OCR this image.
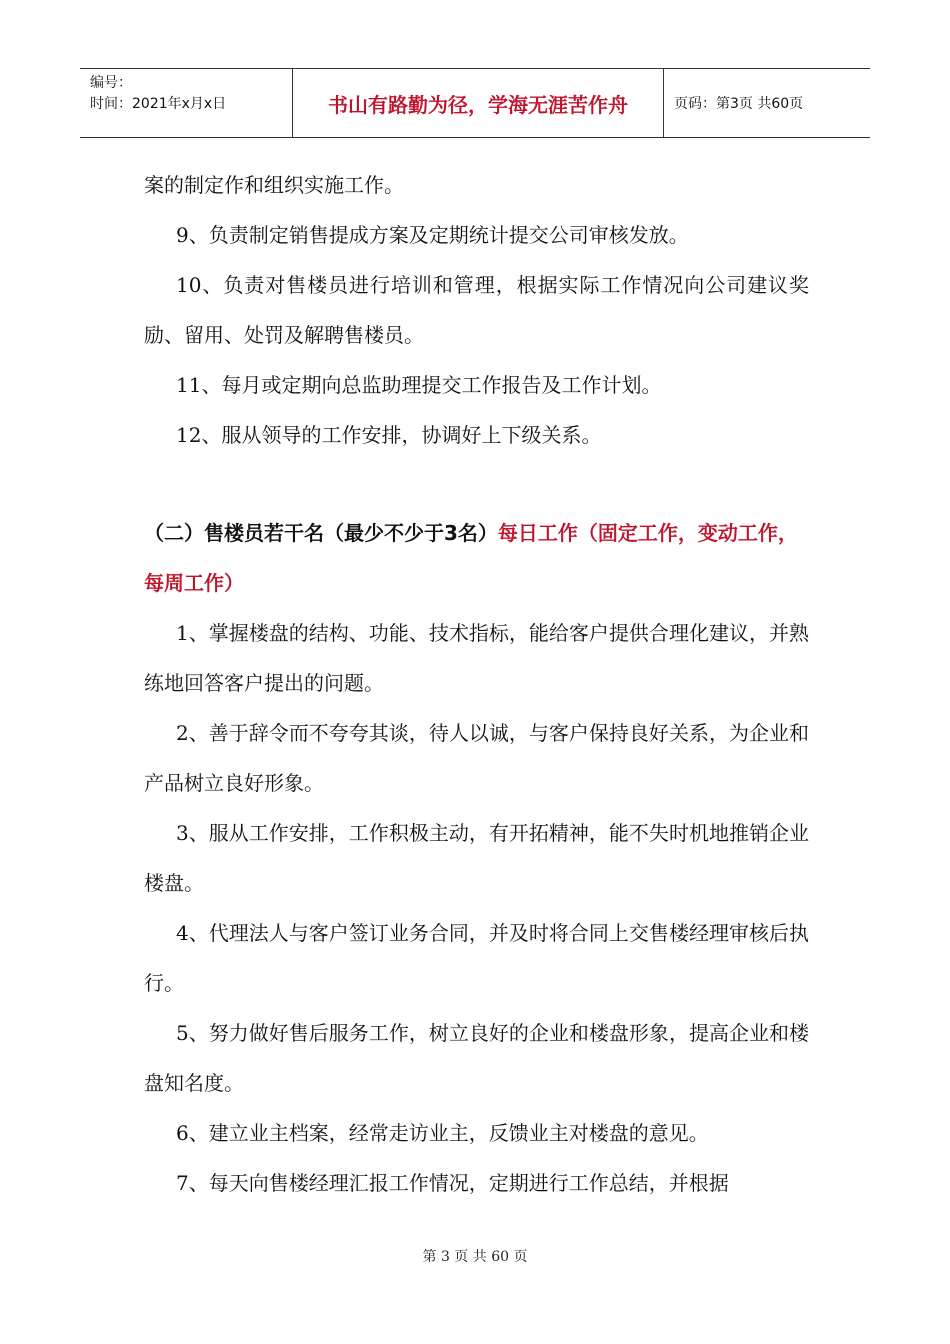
编号：
时间：2021年x月x日	书山有路勤为径，学海无涯苦作舟	页码：第3页 共60页

案的制定作和组织实施工作。

9、负责制定销售提成方案及定期统计提交公司审核发放。

10、负责对售楼员进行培训和管理，根据实际工作情况向公司建议奖励、留用、处罚及解聘售楼员。

11、每月或定期向总监助理提交工作报告及工作计划。

12、服从领导的工作安排，协调好上下级关系。

（二）售楼员若干名（最少不少于3名）每日工作（固定工作，变动工作，每周工作）

1、掌握楼盘的结构、功能、技术指标，能给客户提供合理化建议，并熟练地回答客户提出的问题。

2、善于辞令而不夸夸其谈，待人以诚，与客户保持良好关系，为企业和产品树立良好形象。

3、服从工作安排，工作积极主动，有开拓精神，能不失时机地推销企业楼盘。

4、代理法人与客户签订业务合同，并及时将合同上交售楼经理审核后执行。

5、努力做好售后服务工作，树立良好的企业和楼盘形象，提高企业和楼盘知名度。

6、建立业主档案，经常走访业主，反馈业主对楼盘的意见。

7、每天向售楼经理汇报工作情况，定期进行工作总结，并根据

第 3 页 共 60 页
